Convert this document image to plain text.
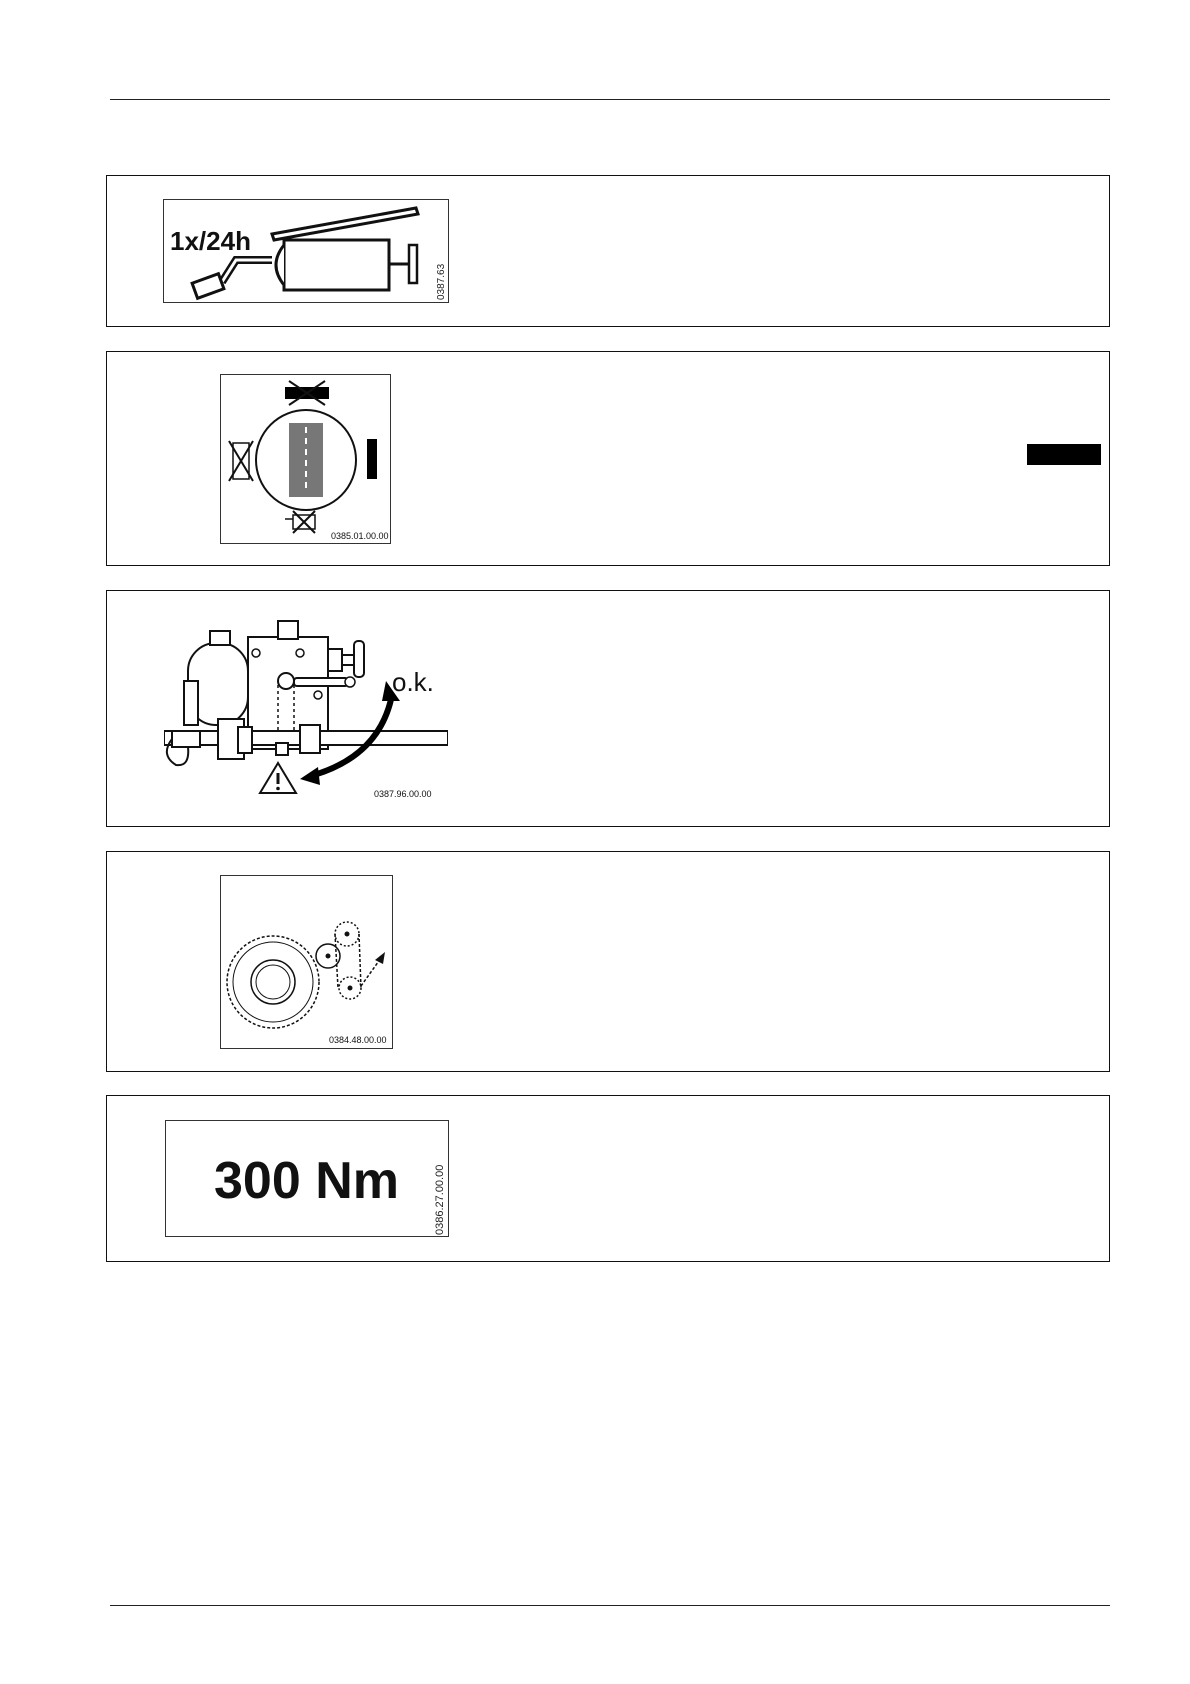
1x/24h
0387.63
0385.01.00.00
o.k.
0387.96.00.00
0384.48.00.00
300 Nm	0386.27.00.00
